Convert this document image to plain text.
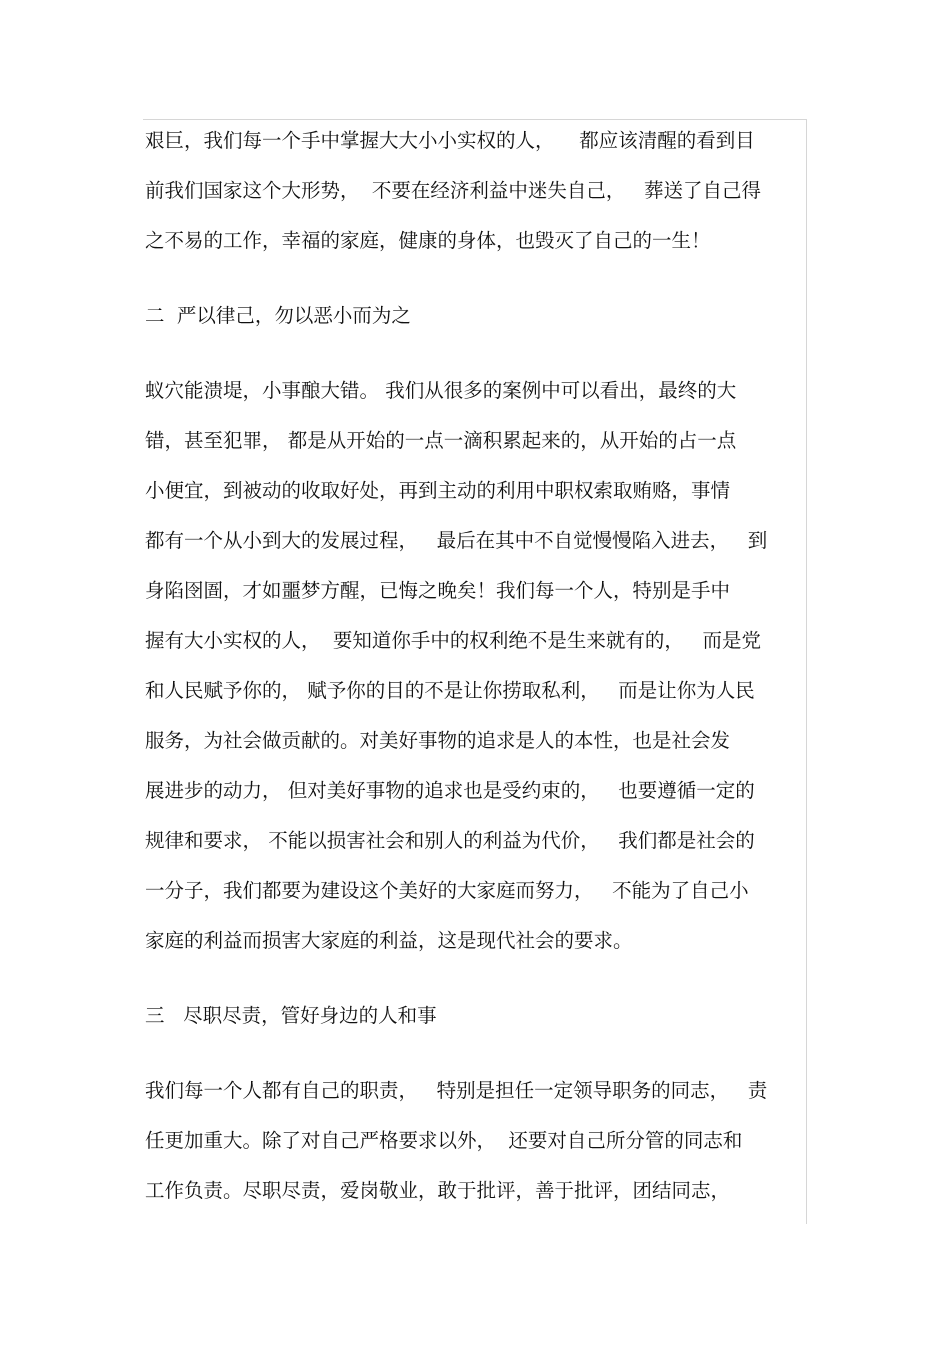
艰巨，我们每一个手中掌握大大小小实权的人，    都应该清醒的看到目
前我们国家这个大形势，  不要在经济利益中迷失自己，   葬送了自己得
之不易的工作，幸福的家庭，健康的身体，也毁灭了自己的一生！
二  严以律己，勿以恶小而为之
蚁穴能溃堤，小事酿大错。 我们从很多的案例中可以看出，最终的大
错，甚至犯罪， 都是从开始的一点一滴积累起来的，从开始的占一点
小便宜，到被动的收取好处，再到主动的利用中职权索取贿赂，事情
都有一个从小到大的发展过程，   最后在其中不自觉慢慢陷入进去，   到
身陷囹圄，才如噩梦方醒，已悔之晚矣！我们每一个人，特别是手中
握有大小实权的人，  要知道你手中的权利绝不是生来就有的，   而是党
和人民赋予你的， 赋予你的目的不是让你捞取私利，   而是让你为人民
服务，为社会做贡献的。对美好事物的追求是人的本性，也是社会发
展进步的动力， 但对美好事物的追求也是受约束的，   也要遵循一定的
规律和要求， 不能以损害社会和别人的利益为代价，   我们都是社会的
一分子，我们都要为建设这个美好的大家庭而努力，   不能为了自己小
家庭的利益而损害大家庭的利益，这是现代社会的要求。
三   尽职尽责，管好身边的人和事
我们每一个人都有自己的职责，   特别是担任一定领导职务的同志，   责
任更加重大。除了对自己严格要求以外，  还要对自己所分管的同志和
工作负责。尽职尽责，爱岗敬业，敢于批评，善于批评，团结同志，
